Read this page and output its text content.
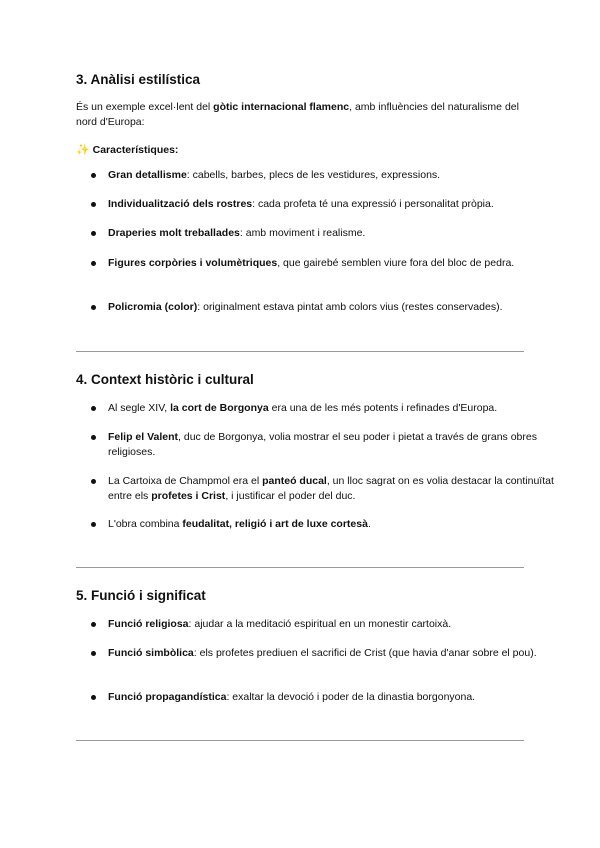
3. Anàlisi estilística

És un exemple excel·lent del gòtic internacional flamenc, amb influències del naturalisme del nord d'Europa:

✨ Característiques:

Gran detallisme: cabells, barbes, plecs de les vestidures, expressions.
Individualització dels rostres: cada profeta té una expressió i personalitat pròpia.
Draperies molt treballades: amb moviment i realisme.
Figures corpòries i volumètriques, que gairebé semblen viure fora del bloc de pedra.
Policromia (color): originalment estava pintat amb colors vius (restes conservades).
4. Context històric i cultural
Al segle XIV, la cort de Borgonya era una de les més potents i refinades d'Europa.
Felip el Valent, duc de Borgonya, volia mostrar el seu poder i pietat a través de grans obres religioses.
La Cartoixa de Champmol era el panteó ducal, un lloc sagrat on es volia destacar la continuïtat entre els profetes i Crist, i justificar el poder del duc.
L'obra combina feudalitat, religió i art de luxe cortesà.
5. Funció i significat
Funció religiosa: ajudar a la meditació espiritual en un monestir cartoixà.
Funció simbòlica: els profetes prediuen el sacrifici de Crist (que havia d'anar sobre el pou).
Funció propagandística: exaltar la devoció i poder de la dinastia borgonyona.
